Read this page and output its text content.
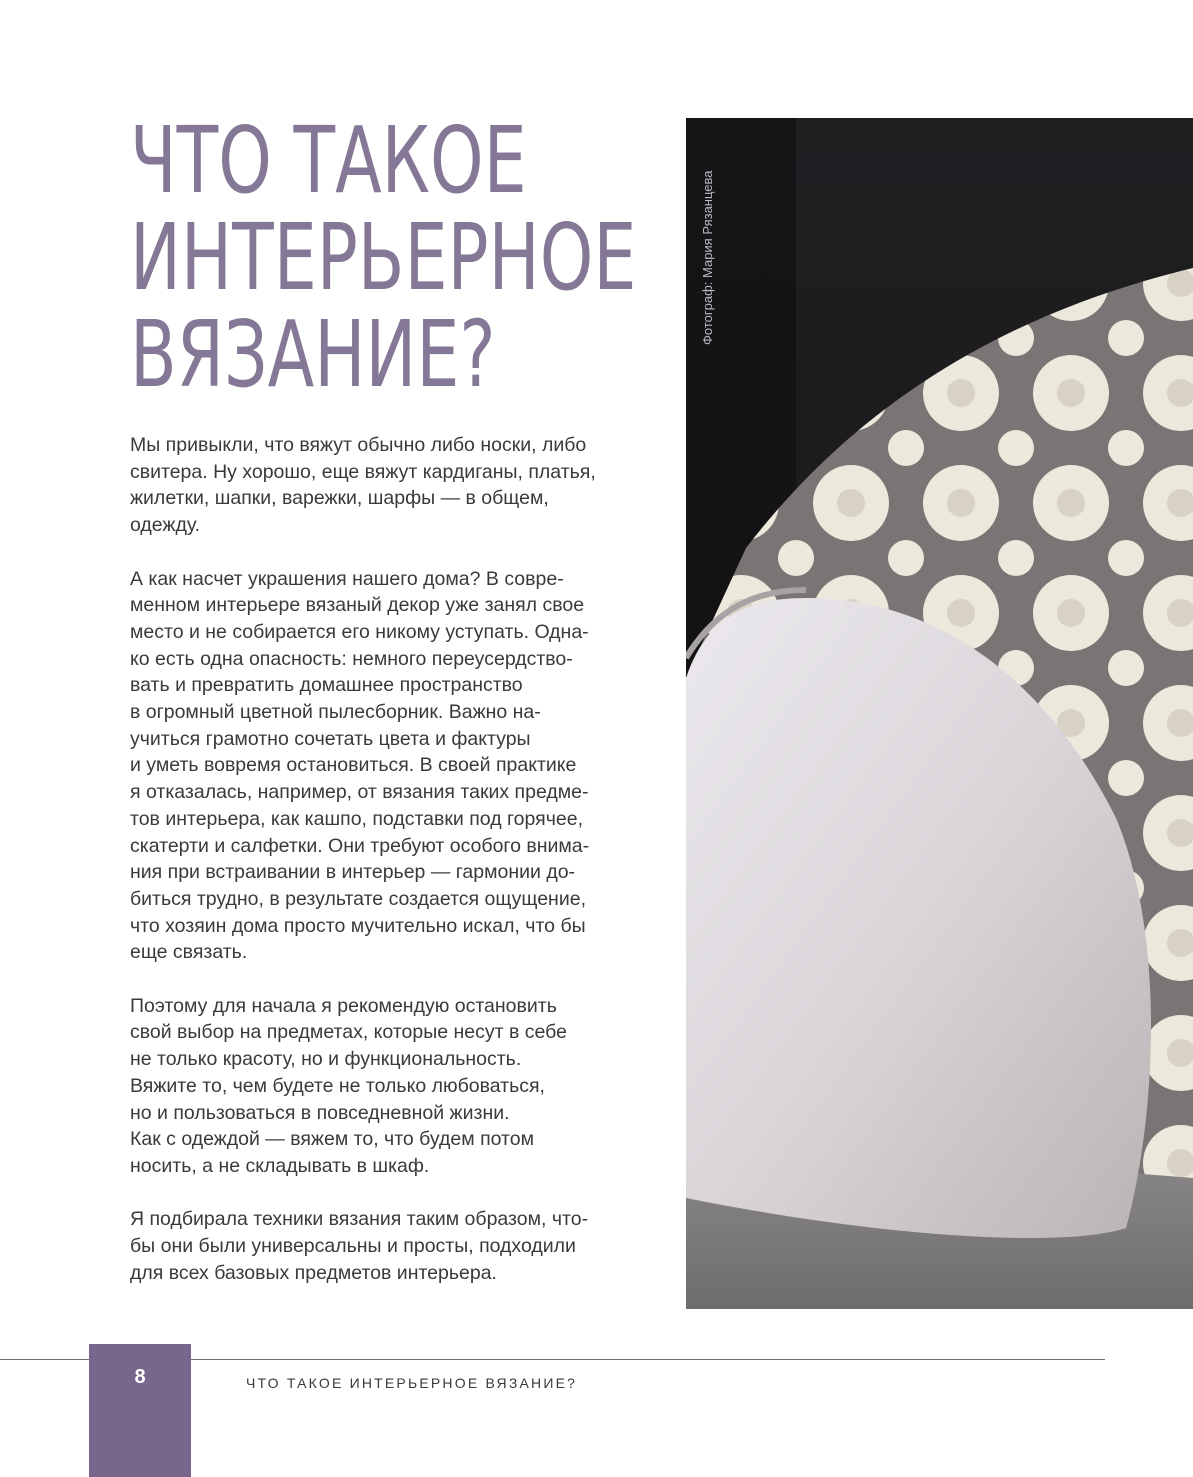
ЧТО ТАКОЕ
ИНТЕРЬЕРНОЕ
ВЯЗАНИЕ?

Мы привыкли, что вяжут обычно либо носки, либо
свитера. Ну хорошо, еще вяжут кардиганы, платья,
жилетки, шапки, варежки, шарфы — в общем,
одежду.

А как насчет украшения нашего дома? В совре-
менном интерьере вязаный декор уже занял свое
место и не собирается его никому уступать. Одна-
ко есть одна опасность: немного переусердство-
вать и превратить домашнее пространство
в огромный цветной пылесборник. Важно на-
учиться грамотно сочетать цвета и фактуры
и уметь вовремя остановиться. В своей практике
я отказалась, например, от вязания таких предме-
тов интерьера, как кашпо, подставки под горячее,
скатерти и салфетки. Они требуют особого внима-
ния при встраивании в интерьер — гармонии до-
биться трудно, в результате создается ощущение,
что хозяин дома просто мучительно искал, что бы
еще связать.

Поэтому для начала я рекомендую остановить
свой выбор на предметах, которые несут в себе
не только красоту, но и функциональность.
Вяжите то, чем будете не только любоваться,
но и пользоваться в повседневной жизни.
Как с одеждой — вяжем то, что будем потом
носить, а не складывать в шкаф.

Я подбирала техники вязания таким образом, что-
бы они были универсальны и просты, подходили
для всех базовых предметов интерьера.

Фотограф: Мария Рязанцева
8	ЧТО ТАКОЕ ИНТЕРЬЕРНОЕ ВЯЗАНИЕ?
